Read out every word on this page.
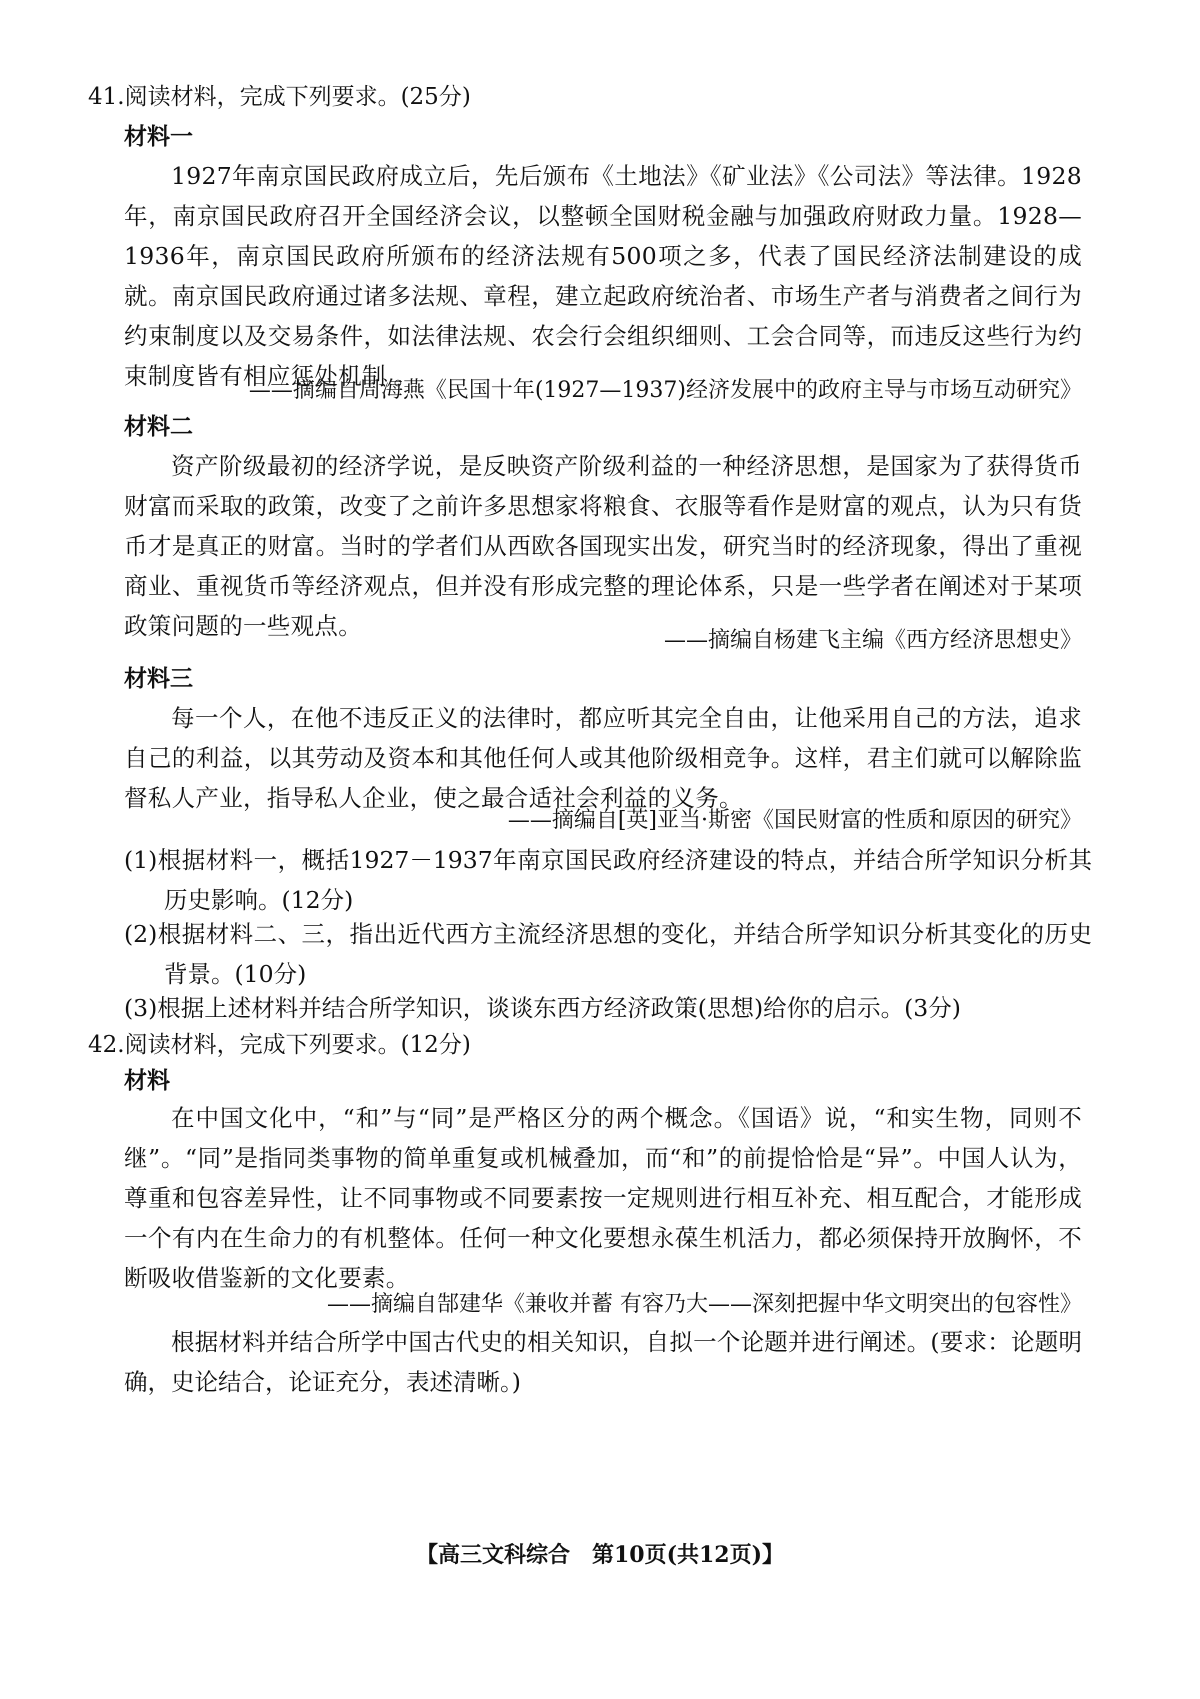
41.阅读材料，完成下列要求。(25分)
材料一
1927年南京国民政府成立后，先后颁布《土地法》《矿业法》《公司法》等法律。1928年，南京国民政府召开全国经济会议，以整顿全国财税金融与加强政府财政力量。1928—1936年，南京国民政府所颁布的经济法规有500项之多，代表了国民经济法制建设的成就。南京国民政府通过诸多法规、章程，建立起政府统治者、市场生产者与消费者之间行为约束制度以及交易条件，如法律法规、农会行会组织细则、工会合同等，而违反这些行为约束制度皆有相应惩处机制 。
——摘编自周海燕《民国十年(1927—1937)经济发展中的政府主导与市场互动研究》
材料二
资产阶级最初的经济学说，是反映资产阶级利益的一种经济思想，是国家为了获得货币财富而采取的政策，改变了之前许多思想家将粮食、衣服等看作是财富的观点，认为只有货币才是真正的财富。当时的学者们从西欧各国现实出发，研究当时的经济现象，得出了重视商业、重视货币等经济观点，但并没有形成完整的理论体系，只是一些学者在阐述对于某项政策问题的一些观点。
——摘编自杨建飞主编《西方经济思想史》
材料三
每一个人，在他不违反正义的法律时，都应听其完全自由，让他采用自己的方法，追求自己的利益，以其劳动及资本和其他任何人或其他阶级相竞争。这样，君主们就可以解除监督私人产业，指导私人企业，使之最合适社会利益的义务。
——摘编自[英]亚当·斯密《国民财富的性质和原因的研究》
(1)根据材料一，概括1927－1937年南京国民政府经济建设的特点，并结合所学知识分析其历史影响。(12分)
(2)根据材料二、三，指出近代西方主流经济思想的变化，并结合所学知识分析其变化的历史背景。(10分)
(3)根据上述材料并结合所学知识，谈谈东西方经济政策(思想)给你的启示。(3分)
42.阅读材料，完成下列要求。(12分)
材料
在中国文化中，“和”与“同”是严格区分的两个概念。《国语》说，“和实生物，同则不继”。“同”是指同类事物的简单重复或机械叠加，而“和”的前提恰恰是“异”。中国人认为，尊重和包容差异性，让不同事物或不同要素按一定规则进行相互补充、相互配合，才能形成一个有内在生命力的有机整体。任何一种文化要想永葆生机活力，都必须保持开放胸怀，不断吸收借鉴新的文化要素。
——摘编自郜建华《兼收并蓄 有容乃大——深刻把握中华文明突出的包容性》
根据材料并结合所学中国古代史的相关知识，自拟一个论题并进行阐述。(要求：论题明确，史论结合，论证充分，表述清晰。)
【高三文科综合　第10页(共12页)】
